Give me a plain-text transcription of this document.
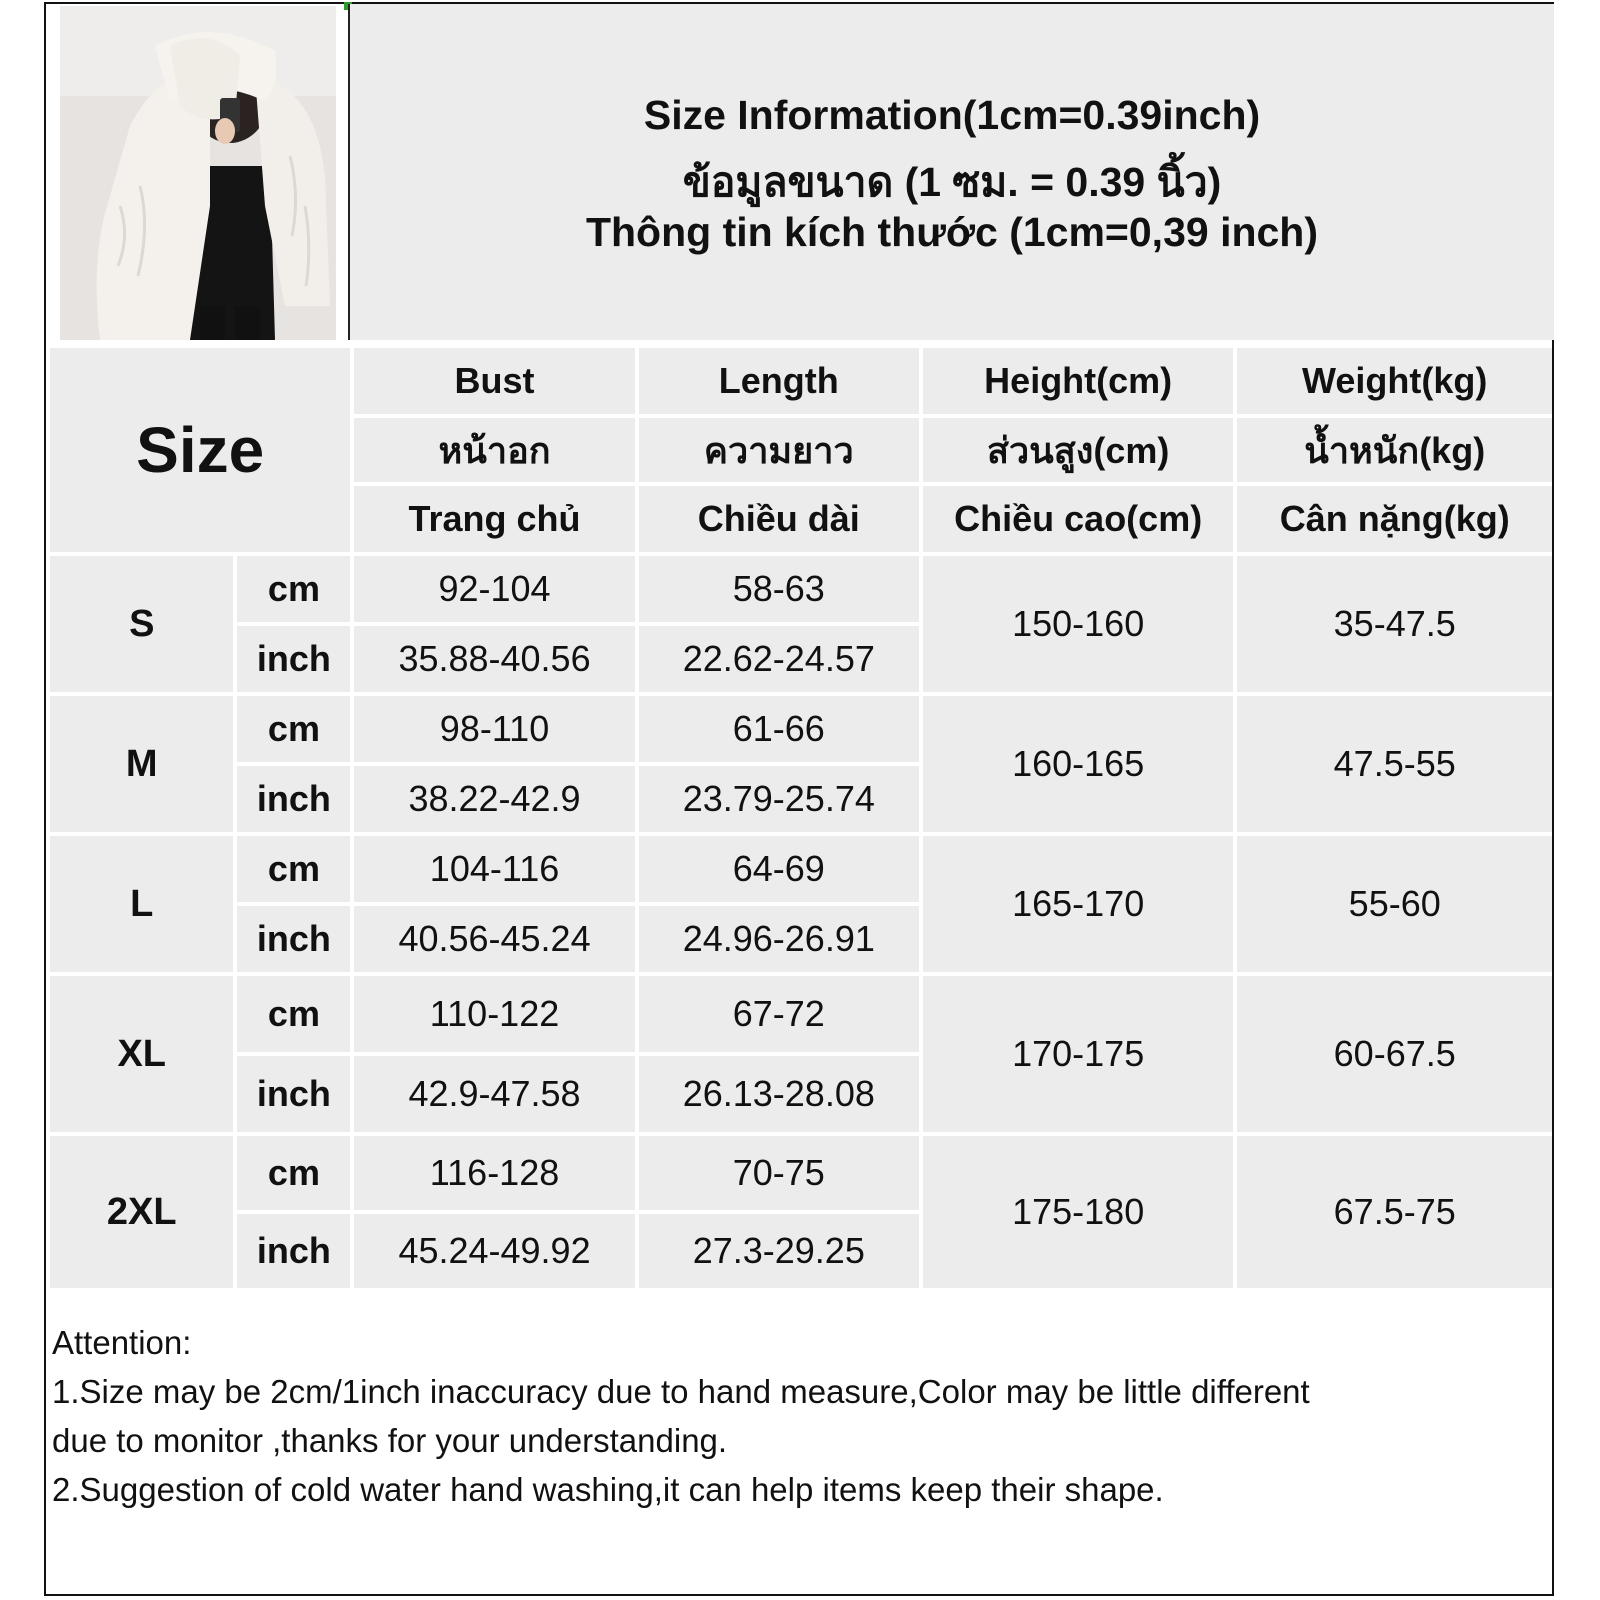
Size Information(1cm=0.39inch)
ข้อมูลขนาด (1 ซม. = 0.39 นิ้ว)
Thông tin kích thước (1cm=0,39 inch)
Size		Bust	Length	Height(cm)	Weight(kg)
		หน้าอก	ความยาว	ส่วนสูง(cm)	น้ำหนัก(kg)
		Trang chủ	Chiều dài	Chiều cao(cm)	Cân nặng(kg)
S	cm	92-104	58-63	150-160	35-47.5
	inch	35.88-40.56	22.62-24.57		
M	cm	98-110	61-66	160-165	47.5-55
	inch	38.22-42.9	23.79-25.74		
L	cm	104-116	64-69	165-170	55-60
	inch	40.56-45.24	24.96-26.91		
XL	cm	110-122	67-72	170-175	60-67.5
	inch	42.9-47.58	26.13-28.08		
2XL	cm	116-128	70-75	175-180	67.5-75
	inch	45.24-49.92	27.3-29.25		
Attention:
1.Size may be 2cm/1inch inaccuracy due to hand measure,Color may be little different
due to monitor ,thanks for your understanding.
2.Suggestion of cold water hand washing,it can help items keep their shape.
